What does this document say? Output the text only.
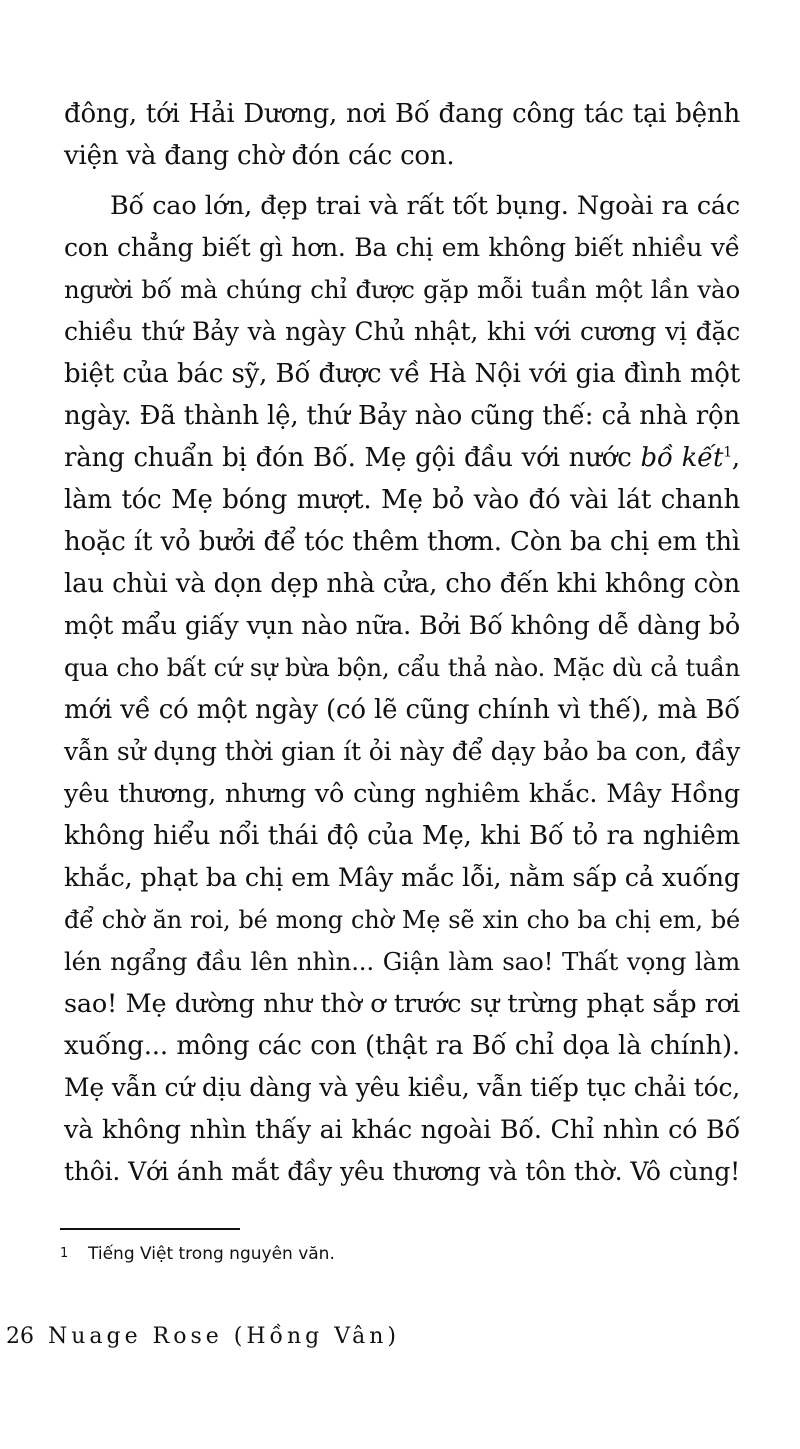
đông, tới Hải Dương, nơi Bố đang công tác tại bệnh
viện và đang chờ đón các con.
Bố cao lớn, đẹp trai và rất tốt bụng. Ngoài ra các
con chẳng biết gì hơn. Ba chị em không biết nhiều về
người bố mà chúng chỉ được gặp mỗi tuần một lần vào
chiều thứ Bảy và ngày Chủ nhật, khi với cương vị đặc
biệt của bác sỹ, Bố được về Hà Nội với gia đình một
ngày. Đã thành lệ, thứ Bảy nào cũng thế: cả nhà rộn
ràng chuẩn bị đón Bố. Mẹ gội đầu với nước bồ kết$^1$,
làm tóc Mẹ bóng mượt. Mẹ bỏ vào đó vài lát chanh
hoặc ít vỏ bưởi để tóc thêm thơm. Còn ba chị em thì
lau chùi và dọn dẹp nhà cửa, cho đến khi không còn
một mẩu giấy vụn nào nữa. Bởi Bố không dễ dàng bỏ
qua cho bất cứ sự bừa bộn, cẩu thả nào. Mặc dù cả tuần
mới về có một ngày (có lẽ cũng chính vì thế), mà Bố
vẫn sử dụng thời gian ít ỏi này để dạy bảo ba con, đầy
yêu thương, nhưng vô cùng nghiêm khắc. Mây Hồng
không hiểu nổi thái độ của Mẹ, khi Bố tỏ ra nghiêm
khắc, phạt ba chị em Mây mắc lỗi, nằm sấp cả xuống
để chờ ăn roi, bé mong chờ Mẹ sẽ xin cho ba chị em, bé
lén ngẩng đầu lên nhìn... Giận làm sao! Thất vọng làm
sao! Mẹ dường như thờ ơ trước sự trừng phạt sắp rơi
xuống... mông các con (thật ra Bố chỉ dọa là chính).
Mẹ vẫn cứ dịu dàng và yêu kiều, vẫn tiếp tục chải tóc,
và không nhìn thấy ai khác ngoài Bố. Chỉ nhìn có Bố
thôi. Với ánh mắt đầy yêu thương và tôn thờ. Vô cùng!
1 Tiếng Việt trong nguyên văn.
26 Nuage Rose (Hồng Vân)
